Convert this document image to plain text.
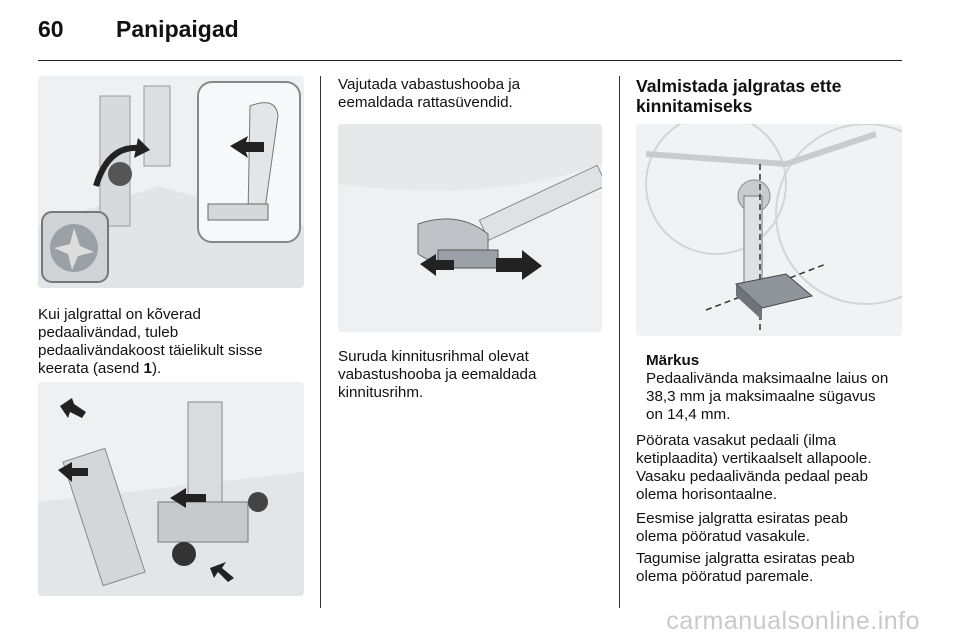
60	Panipaigad

Kui jalgrattal on kõverad
pedaalivändad, tuleb
pedaalivändakoost täielikult sisse
keerata (asend 1).

Vajutada vabastushooba ja
eemaldada rattasüvendid.

Suruda kinnitusrihmal olevat
vabastushooba ja eemaldada
kinnitusrihm.

Valmistada jalgratas ette
kinnitamiseks

Märkus
Pedaalivända maksimaalne laius on
38,3 mm ja maksimaalne sügavus
on 14,4 mm.

Pöörata vasakut pedaali (ilma
ketiplaadita) vertikaalselt allapoole.
Vasaku pedaalivända pedaal peab
olema horisontaalne.

Eesmise jalgratta esiratas peab
olema pööratud vasakule.

Tagumise jalgratta esiratas peab
olema pööratud paremale.

carmanualsonline.info
